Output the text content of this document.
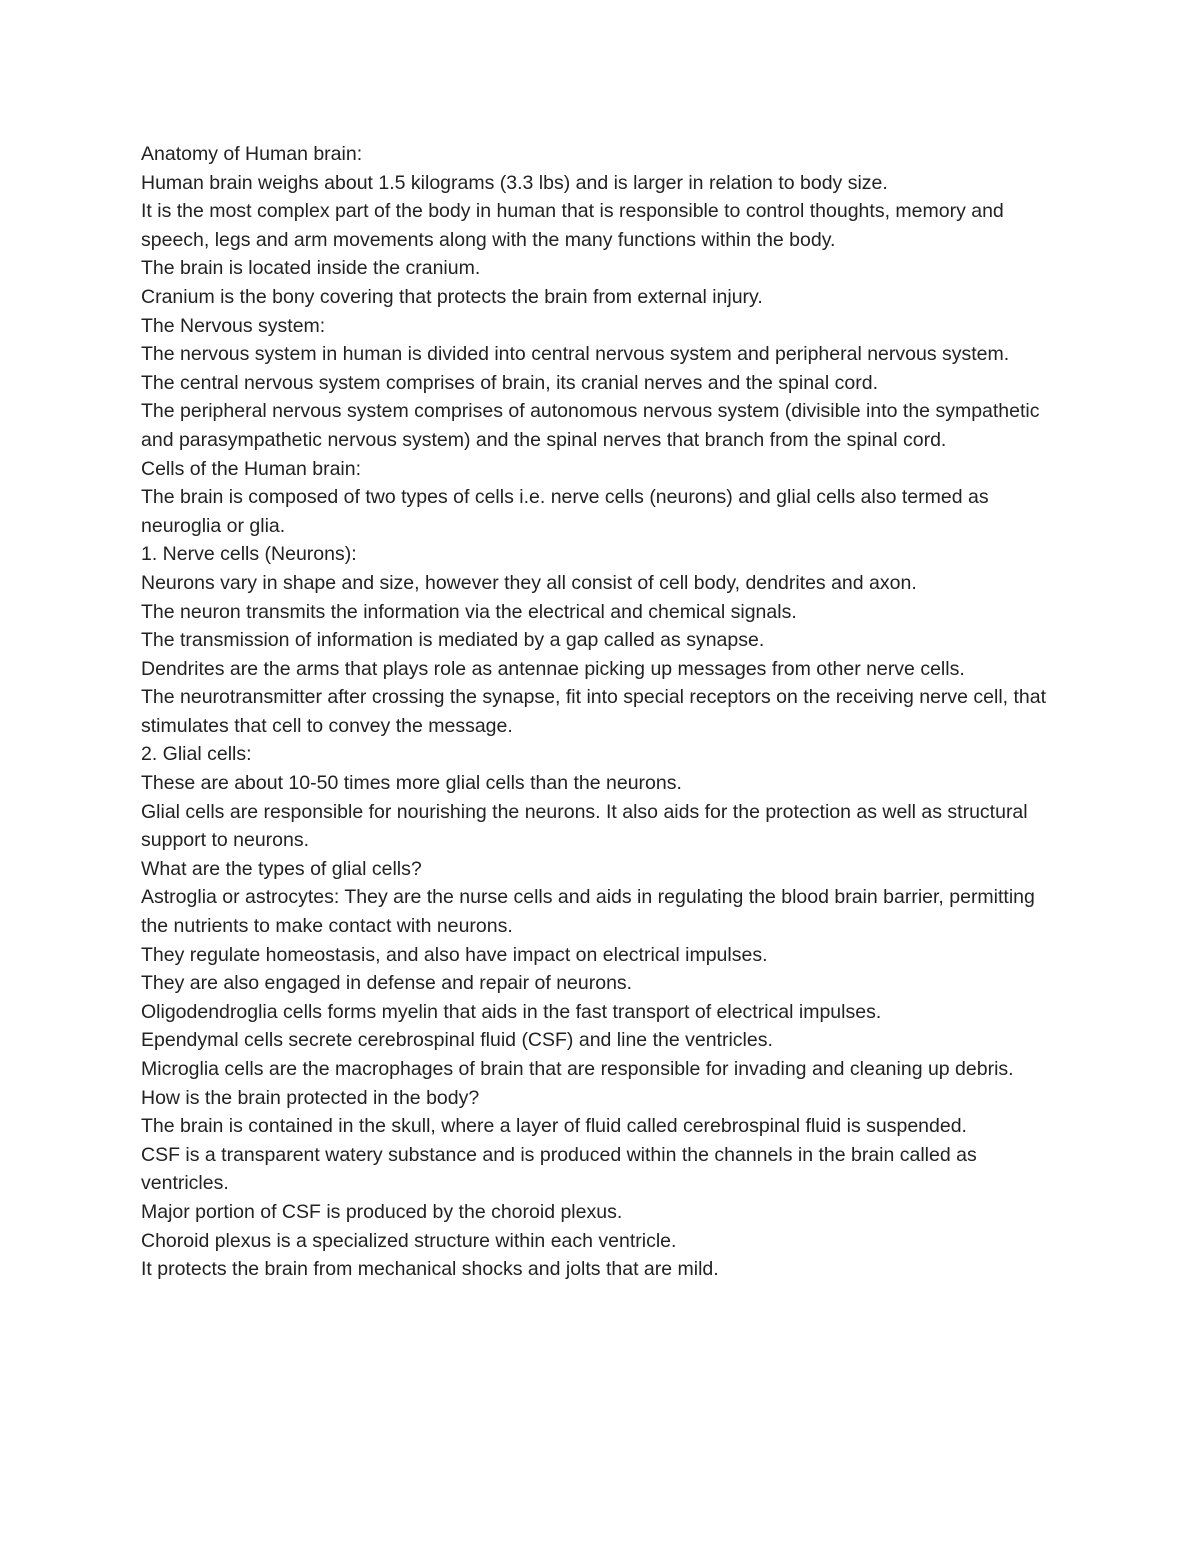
Anatomy of Human brain:

Human brain weighs about 1.5 kilograms (3.3 lbs) and is larger in relation to body size.

It is the most complex part of the body in human that is responsible to control thoughts, memory and speech, legs and arm movements along with the many functions within the body.

The brain is located inside the cranium.

Cranium is the bony covering that protects the brain from external injury.

The Nervous system:

The nervous system in human is divided into central nervous system and peripheral nervous system.

The central nervous system comprises of brain, its cranial nerves and the spinal cord.

The peripheral nervous system comprises of autonomous nervous system (divisible into the sympathetic and parasympathetic nervous system) and the spinal nerves that branch from the spinal cord.

Cells of the Human brain:

The brain is composed of two types of cells i.e. nerve cells (neurons) and glial cells also termed as neuroglia or glia.

1. Nerve cells (Neurons):

Neurons vary in shape and size, however they all consist of cell body, dendrites and axon.

The neuron transmits the information via the electrical and chemical signals.

The transmission of information is mediated by a gap called as synapse.

Dendrites are the arms that plays role as antennae picking up messages from other nerve cells.

The neurotransmitter after crossing the synapse, fit into special receptors on the receiving nerve cell, that stimulates that cell to convey the message.

2. Glial cells:

These are about 10-50 times more glial cells than the neurons.

Glial cells are responsible for nourishing the neurons. It also aids for the protection as well as structural support to neurons.

What are the types of glial cells?

Astroglia or astrocytes: They are the nurse cells and aids in regulating the blood brain barrier, permitting the nutrients to make contact with neurons.

They regulate homeostasis, and also have impact on electrical impulses.

They are also engaged in defense and repair of neurons.

Oligodendroglia cells forms myelin that aids in the fast transport of electrical impulses.

Ependymal cells secrete cerebrospinal fluid (CSF) and line the ventricles.

Microglia cells are the macrophages of brain that are responsible for invading and cleaning up debris.

How is the brain protected in the body?

The brain is contained in the skull, where a layer of fluid called cerebrospinal fluid is suspended.

CSF is a transparent watery substance and is produced within the channels in the brain called as ventricles.

Major portion of CSF is produced by the choroid plexus.

Choroid plexus is a specialized structure within each ventricle.

It protects the brain from mechanical shocks and jolts that are mild.
